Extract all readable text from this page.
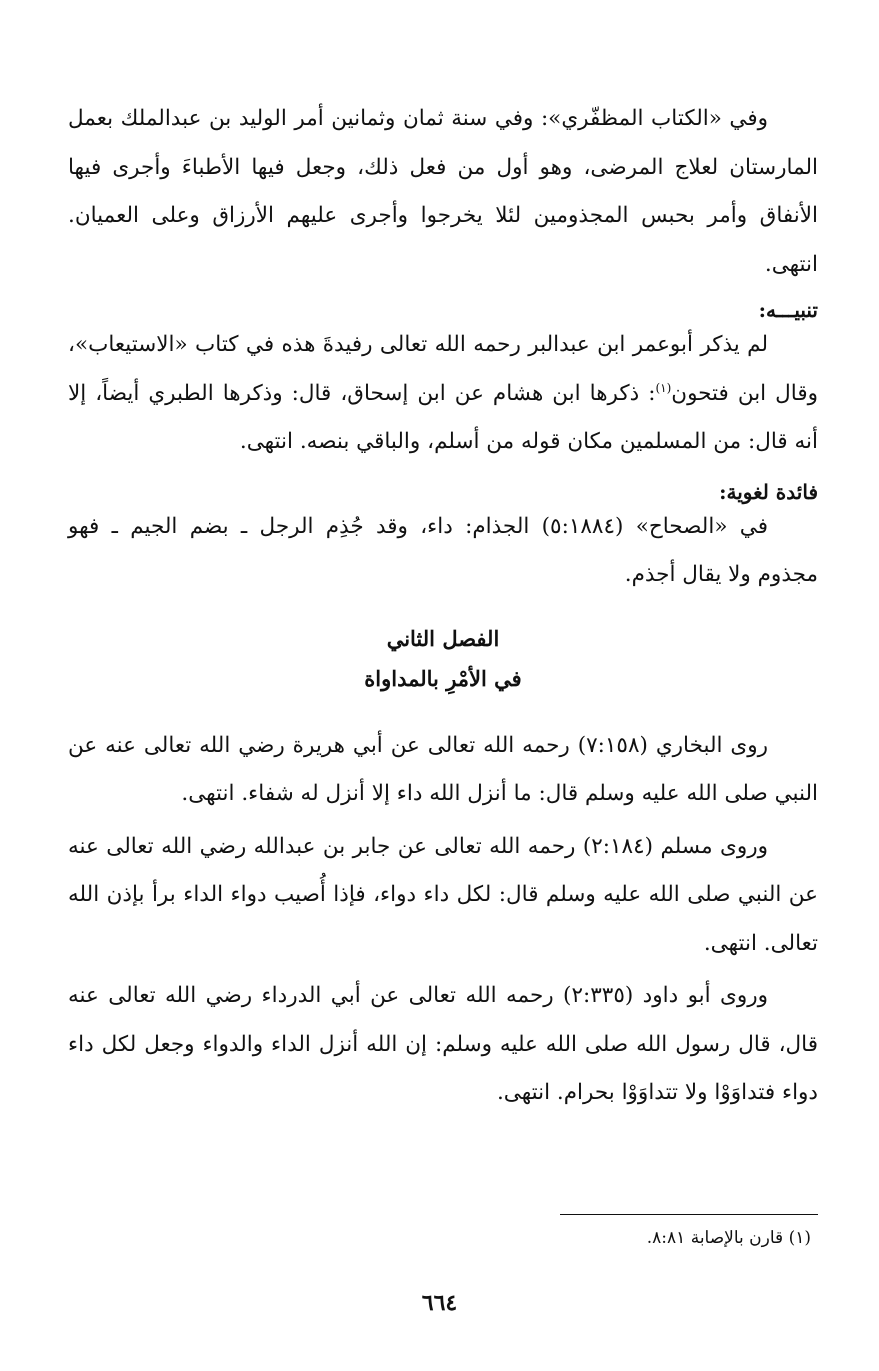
وفي «الكتاب المظفّري»: وفي سنة ثمان وثمانين أمر الوليد بن عبدالملك بعمل المارستان لعلاج المرضى، وهو أول من فعل ذلك، وجعل فيها الأطباءَ وأجرى فيها الأنفاق وأمر بحبس المجذومين لئلا يخرجوا وأجرى عليهم الأرزاق وعلى العميان. انتهى.

تنبيـــه:

لم يذكر أبوعمر ابن عبدالبر رحمه الله تعالى رفيدةَ هذه في كتاب «الاستيعاب»، وقال ابن فتحون$^{(١)}$: ذكرها ابن هشام عن ابن إسحاق، قال: وذكرها الطبري أيضاً، إلا أنه قال: من المسلمين مكان قوله من أسلم، والباقي بنصه. انتهى.

فائدة لغوية:

في «الصحاح» (٥:١٨٨٤) الجذام: داء، وقد جُذِم الرجل ـ بضم الجيم ـ فهو مجذوم ولا يقال أجذم.

الفصل الثاني

في الأمْرِ بالمداواة

روى البخاري (٧:١٥٨) رحمه الله تعالى عن أبي هريرة رضي الله تعالى عنه عن النبي صلى الله عليه وسلم قال: ما أنزل الله داء إلا أنزل له شفاء. انتهى.

وروى مسلم (٢:١٨٤) رحمه الله تعالى عن جابر بن عبدالله رضي الله تعالى عنه عن النبي صلى الله عليه وسلم قال: لكل داء دواء، فإذا أُصيب دواء الداء برأ بإذن الله تعالى. انتهى.

وروى أبو داود (٢:٣٣٥) رحمه الله تعالى عن أبي الدرداء رضي الله تعالى عنه قال، قال رسول الله صلى الله عليه وسلم: إن الله أنزل الداء والدواء وجعل لكل داء دواء فتداوَوْا ولا تتداوَوْا بحرام. انتهى.

(١) قارن بالإصابة ٨:٨١.
٦٦٤
